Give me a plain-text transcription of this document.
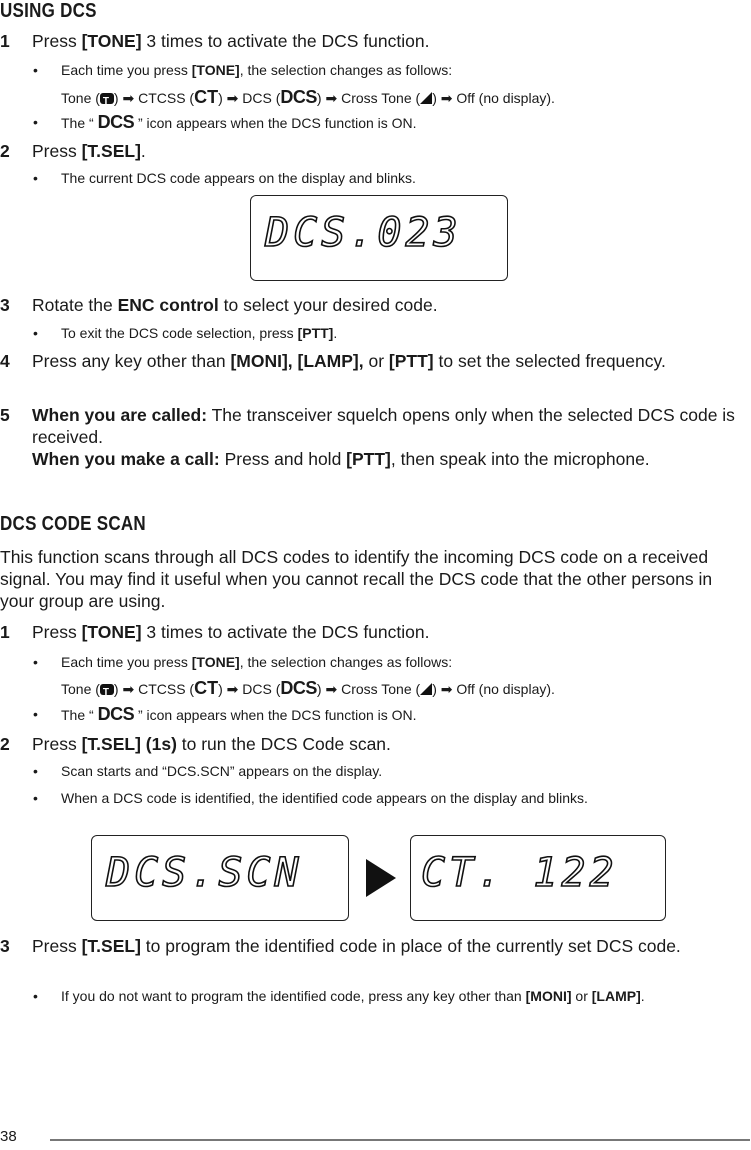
USING DCS
1 Press [TONE] 3 times to activate the DCS function.
• Each time you press [TONE], the selection changes as follows:
Tone ( T ) ➡ CTCSS (CT) ➡ DCS (DCS) ➡ Cross Tone ( ) ➡ Off (no display).
• The “ DCS ” icon appears when the DCS function is ON.
2 Press [T.SEL].
• The current DCS code appears on the display and blinks.
DCS.023
3 Rotate the ENC control to select your desired code.
• To exit the DCS code selection, press [PTT].
4 Press any key other than [MONI], [LAMP], or [PTT] to set the selected frequency.
5 When you are called: The transceiver squelch opens only when the selected DCS code is received.
When you make a call: Press and hold [PTT], then speak into the microphone.
DCS CODE SCAN
This function scans through all DCS codes to identify the incoming DCS code on a received signal. You may find it useful when you cannot recall the DCS code that the other persons in your group are using.
1 Press [TONE] 3 times to activate the DCS function.
• Each time you press [TONE], the selection changes as follows:
Tone ( T ) ➡ CTCSS (CT) ➡ DCS (DCS) ➡ Cross Tone ( ) ➡ Off (no display).
• The “ DCS ” icon appears when the DCS function is ON.
2 Press [T.SEL] (1s) to run the DCS Code scan.
• Scan starts and “DCS.SCN” appears on the display.
• When a DCS code is identified, the identified code appears on the display and blinks.
DCS.SCN	CT. 122
3 Press [T.SEL] to program the identified code in place of the currently set DCS code.
• If you do not want to program the identified code, press any key other than [MONI] or [LAMP].
38
